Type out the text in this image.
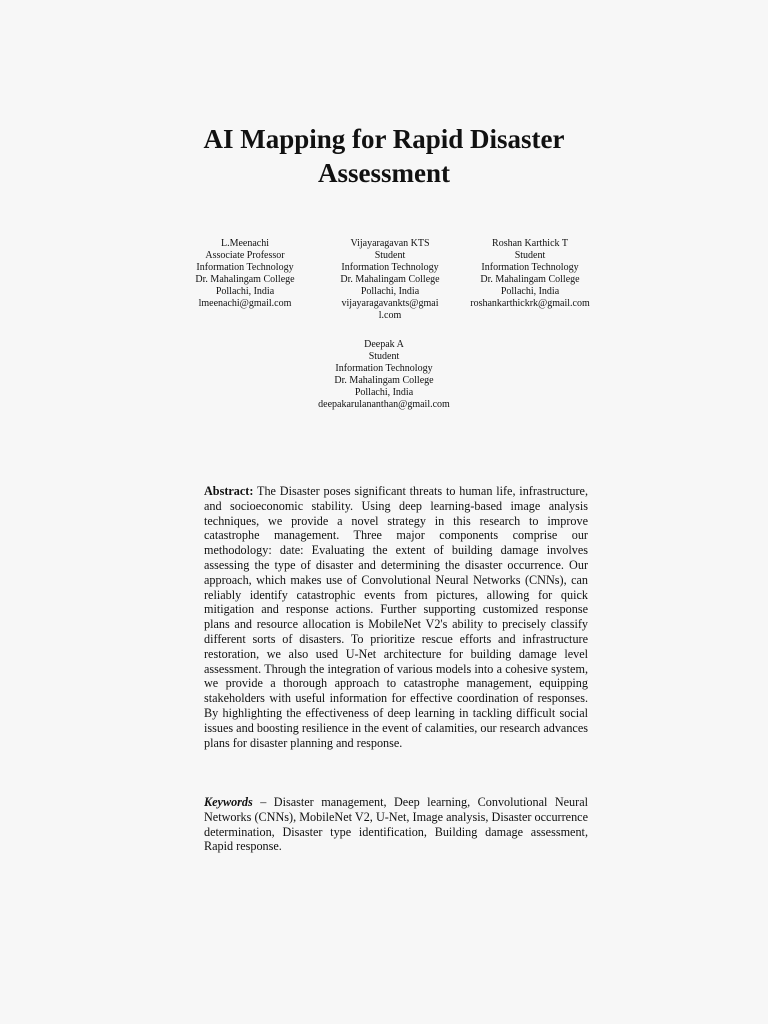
AI Mapping for Rapid Disaster
Assessment
L.Meenachi
Associate Professor
Information Technology
Dr. Mahalingam College
Pollachi, India
lmeenachi@gmail.com
Vijayaragavan KTS
Student
Information Technology
Dr. Mahalingam College
Pollachi, India
vijayaragavankts@gmai
l.com
Roshan Karthick T
Student
Information Technology
Dr. Mahalingam College
Pollachi, India
roshankarthickrk@gmail.com
Deepak A
Student
Information Technology
Dr. Mahalingam College
Pollachi, India
deepakarulananthan@gmail.com

Abstract: The Disaster poses significant threats to human life, infrastructure, and socioeconomic stability. Using deep learning-based image analysis techniques, we provide a novel strategy in this research to improve catastrophe management. Three major components comprise our methodology: date: Evaluating the extent of building damage involves assessing the type of disaster and determining the disaster occurrence. Our approach, which makes use of Convolutional Neural Networks (CNNs), can reliably identify catastrophic events from pictures, allowing for quick mitigation and response actions. Further supporting customized response plans and resource allocation is MobileNet V2's ability to precisely classify different sorts of disasters. To prioritize rescue efforts and infrastructure restoration, we also used U-Net architecture for building damage level assessment. Through the integration of various models into a cohesive system, we provide a thorough approach to catastrophe management, equipping stakeholders with useful information for effective coordination of responses. By highlighting the effectiveness of deep learning in tackling difficult social issues and boosting resilience in the event of calamities, our research advances plans for disaster planning and response.

Keywords – Disaster management, Deep learning, Convolutional Neural Networks (CNNs), MobileNet V2, U-Net, Image analysis, Disaster occurrence determination, Disaster type identification, Building damage assessment, Rapid response.
